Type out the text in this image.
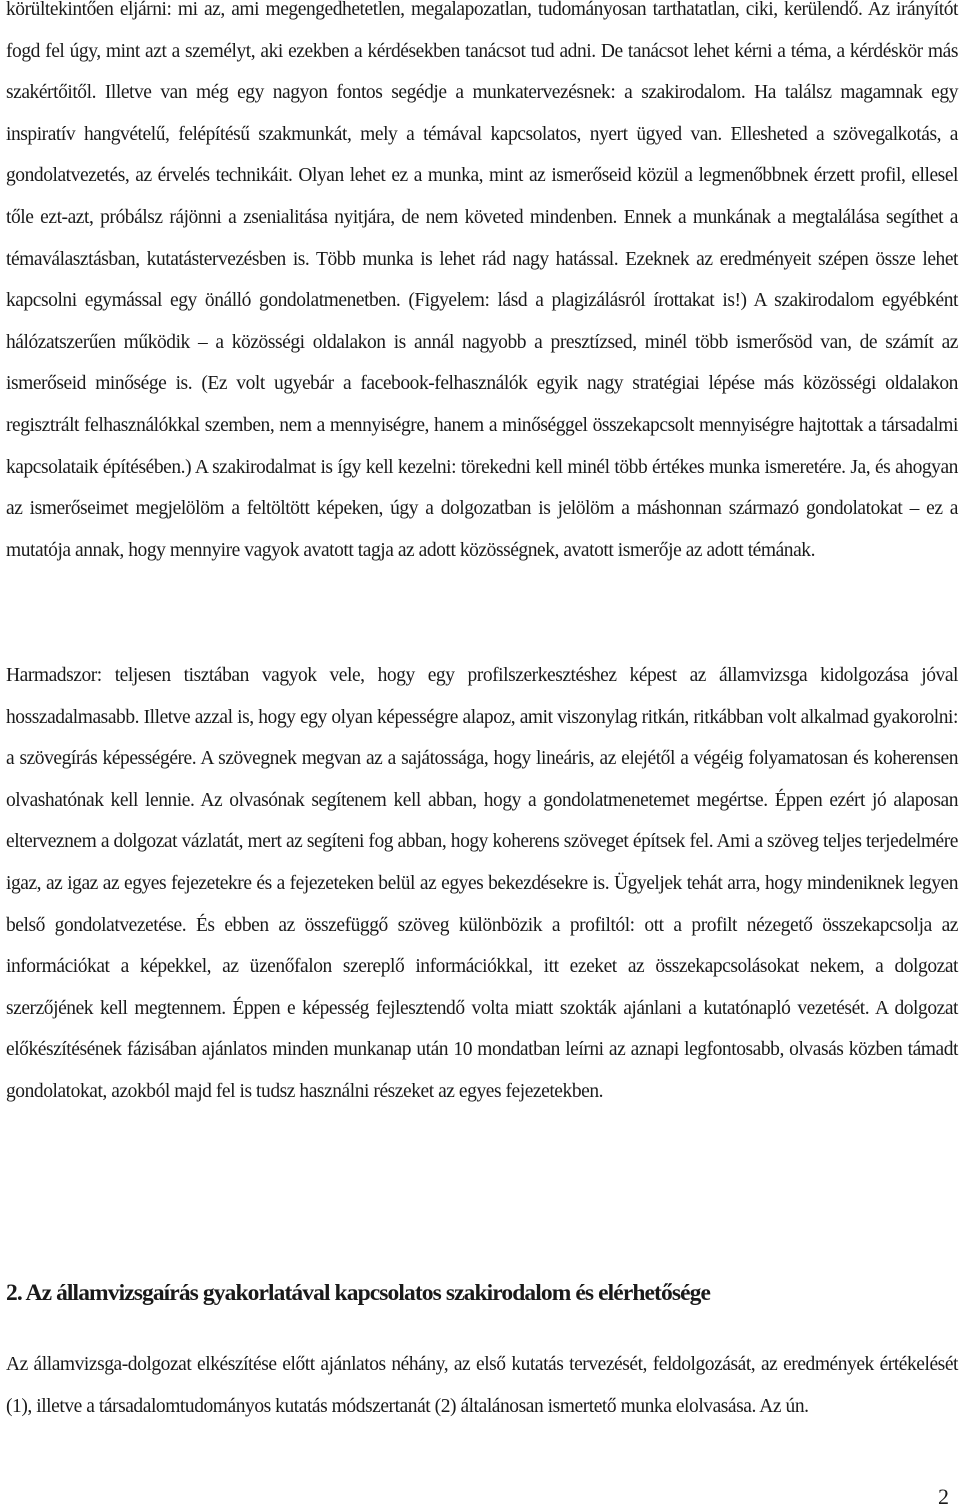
körültekintően eljárni: mi az, ami megengedhetetlen, megalapozatlan, tudományosan tarthatatlan, ciki, kerülendő. Az irányítót fogd fel úgy, mint azt a személyt, aki ezekben a kérdésekben tanácsot tud adni. De tanácsot lehet kérni a téma, a kérdéskör más szakértőitől. Illetve van még egy nagyon fontos segédje a munkatervezésnek: a szakirodalom. Ha találsz magamnak egy inspiratív hangvételű, felépítésű szakmunkát, mely a témával kapcsolatos, nyert ügyed van. Ellesheted a szövegalkotás, a gondolatvezetés, az érvelés technikáit. Olyan lehet ez a munka, mint az ismerőseid közül a legmenőbbnek érzett profil, ellesel tőle ezt-azt, próbálsz rájönni a zsenialitása nyitjára, de nem követed mindenben. Ennek a munkának a megtalálása segíthet a témaválasztásban, kutatástervezésben is. Több munka is lehet rád nagy hatással. Ezeknek az eredményeit szépen össze lehet kapcsolni egymással egy önálló gondolatmenetben. (Figyelem: lásd a plagizálásról írottakat is!) A szakirodalom egyébként hálózatszerűen működik – a közösségi oldalakon is annál nagyobb a presztízsed, minél több ismerősöd van, de számít az ismerőseid minősége is. (Ez volt ugyebár a facebook-felhasználók egyik nagy stratégiai lépése más közösségi oldalakon regisztrált felhasználókkal szemben, nem a mennyiségre, hanem a minőséggel összekapcsolt mennyiségre hajtottak a társadalmi kapcsolataik építésében.) A szakirodalmat is így kell kezelni: törekedni kell minél több értékes munka ismeretére. Ja, és ahogyan az ismerőseimet megjelölöm a feltöltött képeken, úgy a dolgozatban is jelölöm a máshonnan származó gondolatokat – ez a mutatója annak, hogy mennyire vagyok avatott tagja az adott közösségnek, avatott ismerője az adott témának.

Harmadszor: teljesen tisztában vagyok vele, hogy egy profilszerkesztéshez képest az államvizsga kidolgozása jóval hosszadalmasabb. Illetve azzal is, hogy egy olyan képességre alapoz, amit viszonylag ritkán, ritkábban volt alkalmad gyakorolni: a szövegírás képességére. A szövegnek megvan az a sajátossága, hogy lineáris, az elejétől a végéig folyamatosan és koherensen olvashatónak kell lennie. Az olvasónak segítenem kell abban, hogy a gondolatmenetemet megértse. Éppen ezért jó alaposan elterveznem a dolgozat vázlatát, mert az segíteni fog abban, hogy koherens szöveget építsek fel. Ami a szöveg teljes terjedelmére igaz, az igaz az egyes fejezetekre és a fejezeteken belül az egyes bekezdésekre is. Ügyeljek tehát arra, hogy mindeniknek legyen belső gondolatvezetése. És ebben az összefüggő szöveg különbözik a profiltól: ott a profilt nézegető összekapcsolja az információkat a képekkel, az üzenőfalon szereplő információkkal, itt ezeket az összekapcsolásokat nekem, a dolgozat szerzőjének kell megtennem. Éppen e képesség fejlesztendő volta miatt szokták ajánlani a kutatónapló vezetését. A dolgozat előkészítésének fázisában ajánlatos minden munkanap után 10 mondatban leírni az aznapi legfontosabb, olvasás közben támadt gondolatokat, azokból majd fel is tudsz használni részeket az egyes fejezetekben.

2. Az államvizsgaírás gyakorlatával kapcsolatos szakirodalom és elérhetősége

Az államvizsga-dolgozat elkészítése előtt ajánlatos néhány, az első kutatás tervezését, feldolgozását, az eredmények értékelését (1), illetve a társadalomtudományos kutatás módszertanát (2) általánosan ismertető munka elolvasása. Az ún.

2
